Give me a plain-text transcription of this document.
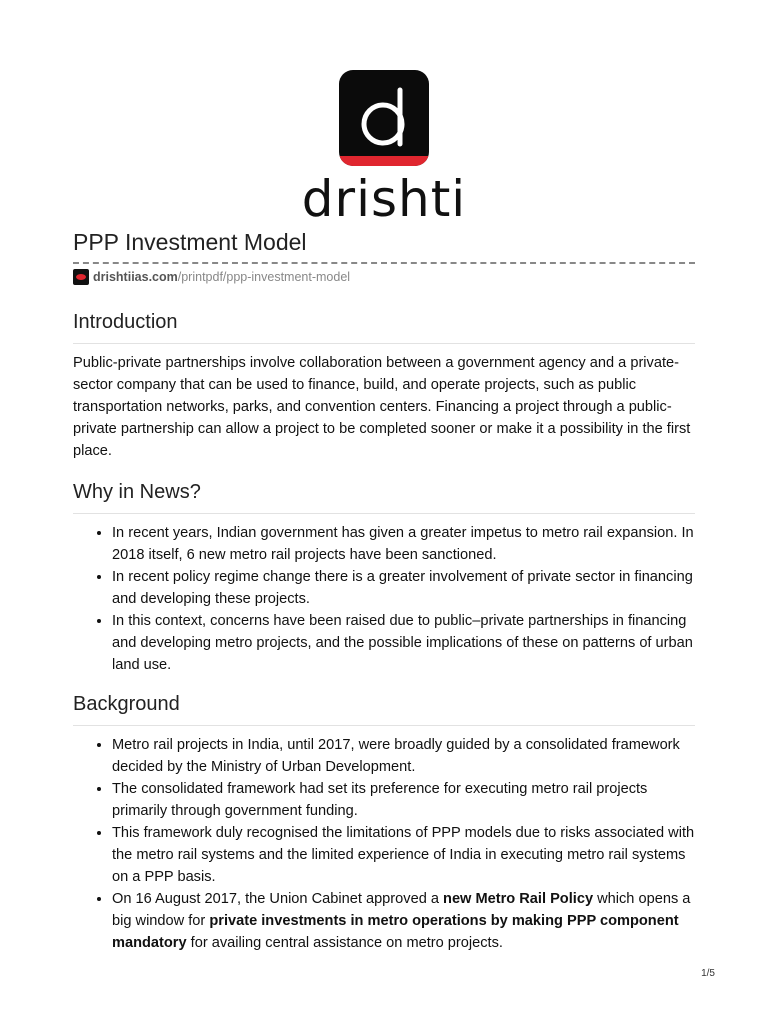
drishti
PPP Investment Model
drishtiias.com /printpdf/ppp-investment-model
Introduction

Public-private partnerships involve collaboration between a government agency and a private-sector company that can be used to finance, build, and operate projects, such as public transportation networks, parks, and convention centers. Financing a project through a public-private partnership can allow a project to be completed sooner or make it a possibility in the first place.

Why in News?
• In recent years, Indian government has given a greater impetus to metro rail expansion. In 2018 itself, 6 new metro rail projects have been sanctioned.
• In recent policy regime change there is a greater involvement of private sector in financing and developing these projects.
• In this context, concerns have been raised due to public–private partnerships in financing and developing metro projects, and the possible implications of these on patterns of urban land use.
Background
• Metro rail projects in India, until 2017, were broadly guided by a consolidated framework decided by the Ministry of Urban Development.
• The consolidated framework had set its preference for executing metro rail projects primarily through government funding.
• This framework duly recognised the limitations of PPP models due to risks associated with the metro rail systems and the limited experience of India in executing metro rail systems on a PPP basis.
• On 16 August 2017, the Union Cabinet approved a new Metro Rail Policy which opens a big window for private investments in metro operations by making PPP component mandatory for availing central assistance on metro projects.
1/5
